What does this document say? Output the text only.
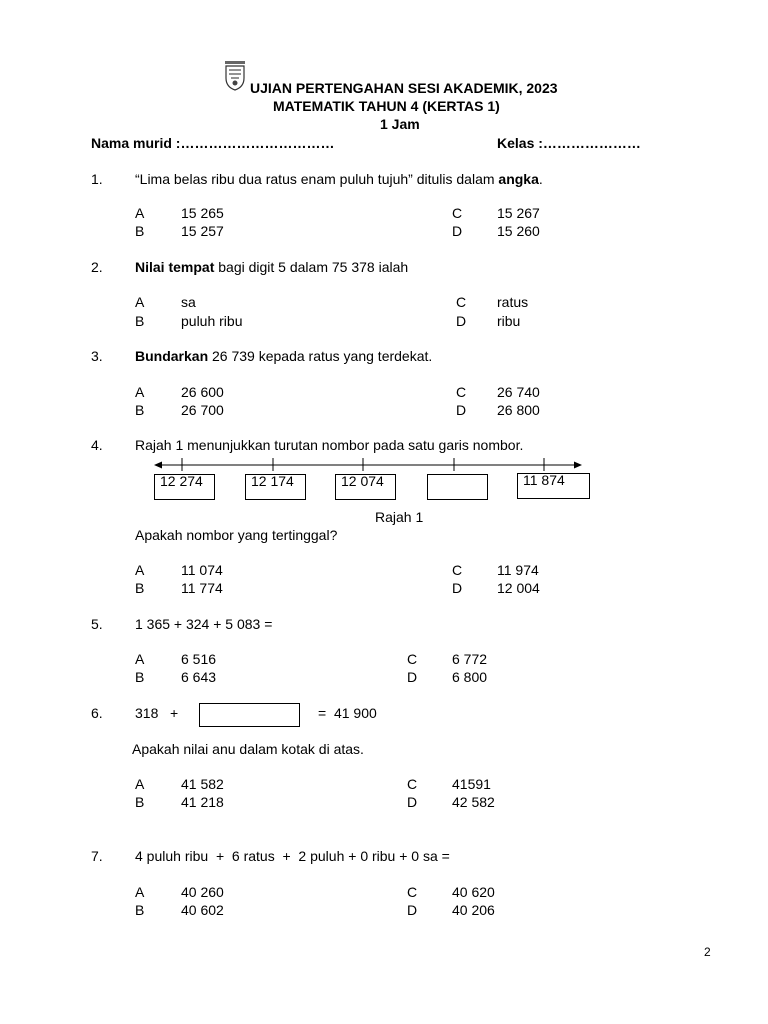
UJIAN PERTENGAHAN SESI AKADEMIK, 2023
MATEMATIK TAHUN 4 (KERTAS 1)
1 Jam
Nama murid :……………………………	Kelas :…………………
1. “Lima belas ribu dua ratus enam puluh tujuh” ditulis dalam angka.
A	15 265
B	15 257
C 15 267
D 15 260
2. Nilai tempat bagi digit 5 dalam 75 378 ialah
A	sa
B	puluh ribu
C ratus
D ribu
3. Bundarkan 26 739 kepada ratus yang terdekat.
A	26 600
B	26 700
C 26 740
D 26 800
4. Rajah 1 menunjukkan turutan nombor pada satu garis nombor.
12 274	12 174	12 074	11 874
Rajah 1
Apakah nombor yang tertinggal?
A	11 074
B	11 774
C 11 974
D 12 004
5. 1 365 + 324 + 5 083 =
A	6 516
B	6 643
C 6 772
D 6 800
6. 318   +	=  41 900
Apakah nilai anu dalam kotak di atas.
A	41 582
B	41 218
C 41591
D 42 582
7. 4 puluh ribu  +  6 ratus  +  2 puluh + 0 ribu + 0 sa =
A	40 260
B	40 602
C 40 620
D 40 206
2
